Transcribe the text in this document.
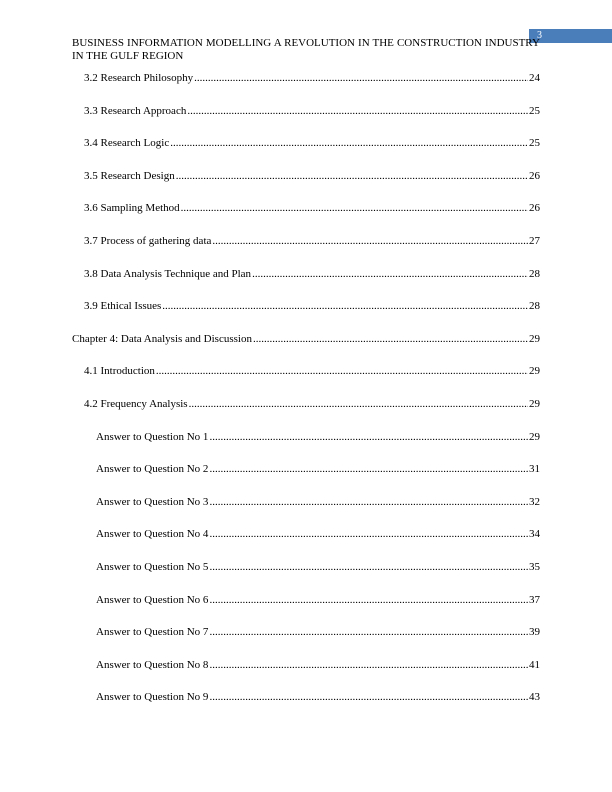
3
BUSINESS INFORMATION MODELLING A REVOLUTION IN THE CONSTRUCTION INDUSTRY IN THE GULF REGION
3.2 Research Philosophy .....	24
3.3 Research Approach .....	25
3.4 Research Logic .....	25
3.5 Research Design .....	26
3.6 Sampling Method .....	26
3.7 Process of gathering data .....	27
3.8 Data Analysis Technique and Plan .....	28
3.9 Ethical Issues .....	28
Chapter 4: Data Analysis and Discussion .....	29
4.1 Introduction .....	29
4.2 Frequency Analysis .....	29
Answer to Question No 1 .....	29
Answer to Question No 2 .....	31
Answer to Question No 3 .....	32
Answer to Question No 4 .....	34
Answer to Question No 5 .....	35
Answer to Question No 6 .....	37
Answer to Question No 7 .....	39
Answer to Question No 8 .....	41
Answer to Question No 9 .....	43
